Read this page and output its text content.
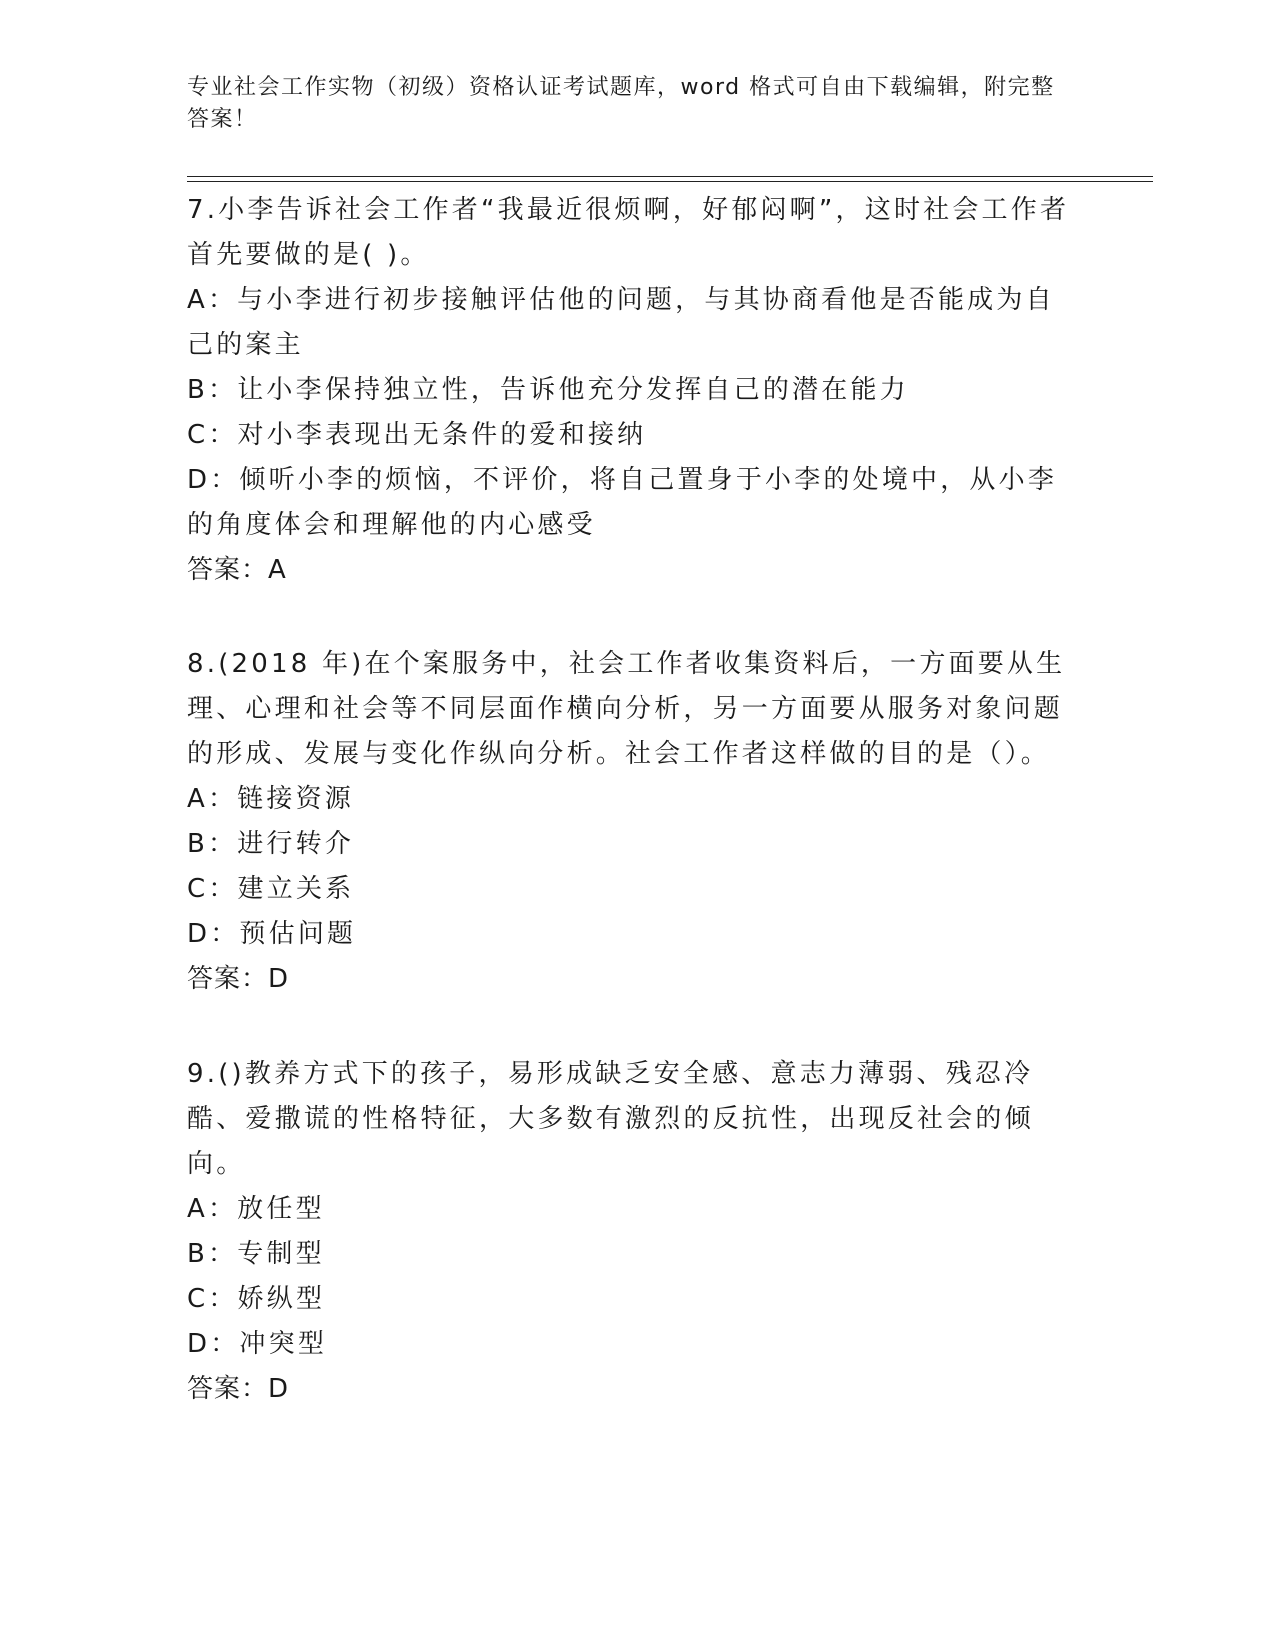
专业社会工作实物（初级）资格认证考试题库，word 格式可自由下载编辑，附完整答案！

7.小李告诉社会工作者“我最近很烦啊，好郁闷啊”，这时社会工作者首先要做的是( )。

A：与小李进行初步接触评估他的问题，与其协商看他是否能成为自己的案主

B：让小李保持独立性，告诉他充分发挥自己的潜在能力

C：对小李表现出无条件的爱和接纳

D：倾听小李的烦恼，不评价，将自己置身于小李的处境中，从小李的角度体会和理解他的内心感受

答案：A

8.(2018 年)在个案服务中，社会工作者收集资料后，一方面要从生理、心理和社会等不同层面作横向分析，另一方面要从服务对象问题的形成、发展与变化作纵向分析。社会工作者这样做的目的是（）。

A：链接资源

B：进行转介

C：建立关系

D：预估问题

答案：D

9.()教养方式下的孩子，易形成缺乏安全感、意志力薄弱、残忍冷酷、爱撒谎的性格特征，大多数有激烈的反抗性，出现反社会的倾向。

A：放任型

B：专制型

C：娇纵型

D：冲突型

答案：D
